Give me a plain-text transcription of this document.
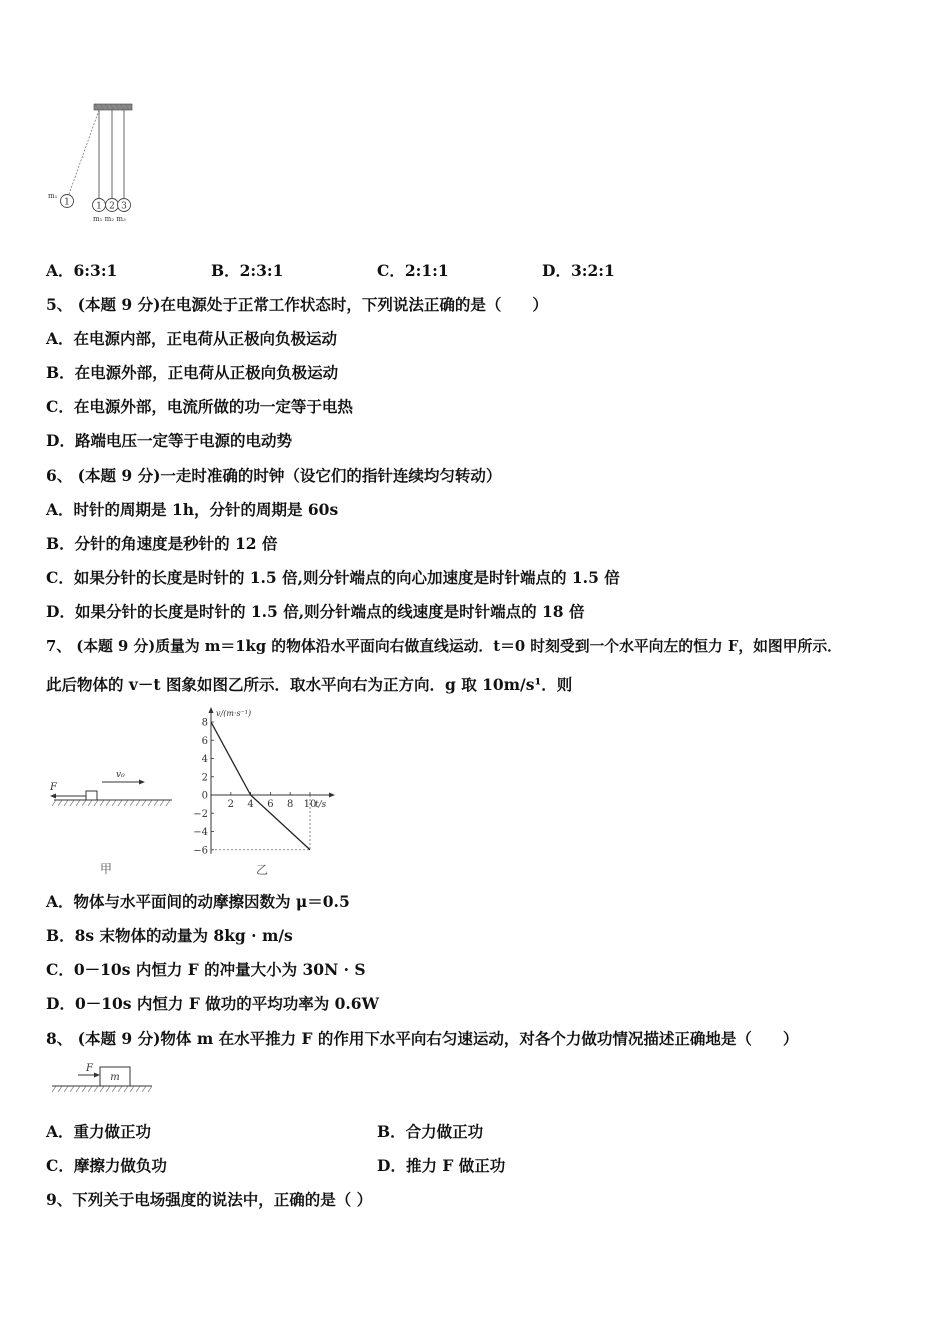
1
m₁
1 2 3
m₁ m₂ m₃
A．6:3:1	B．2:3:1	C．2:1:1	D．3:2:1
5、 (本题 9 分)在电源处于正常工作状态时，下列说法正确的是（　　）
A．在电源内部，正电荷从正极向负极运动
B．在电源外部，正电荷从正极向负极运动
C．在电源外部，电流所做的功一定等于电热
D．路端电压一定等于电源的电动势
6、 (本题 9 分)一走时准确的时钟（设它们的指针连续均匀转动）
A．时针的周期是 1h，分针的周期是 60s
B．分针的角速度是秒针的 12 倍
C．如果分针的长度是时针的 1.5 倍,则分针端点的向心加速度是时针端点的 1.5 倍
D．如果分针的长度是时针的 1.5 倍,则分针端点的线速度是时针端点的 18 倍
7、 (本题 9 分)质量为 m＝1kg 的物体沿水平面向右做直线运动．t＝0 时刻受到一个水平向左的恒力 F，如图甲所示．
此后物体的 v－t 图象如图乙所示．取水平向右为正方向．g 取 10m/s¹．则
F
v₀
甲	乙
8
6
4
2
0
−2
−4
−6
2 4 6 8 10
v/(m·s⁻¹)
t/s
A．物体与水平面间的动摩擦因数为 μ＝0.5
B．8s 末物体的动量为 8kg · m/s
C．0－10s 内恒力 F 的冲量大小为 30N · S
D．0－10s 内恒力 F 做功的平均功率为 0.6W
8、 (本题 9 分)物体 m 在水平推力 F 的作用下水平向右匀速运动，对各个力做功情况描述正确地是（　　）
m
F
A．重力做正功	B．合力做正功
C．摩擦力做负功	D．推力 F 做正功
9、下列关于电场强度的说法中，正确的是（ ）
